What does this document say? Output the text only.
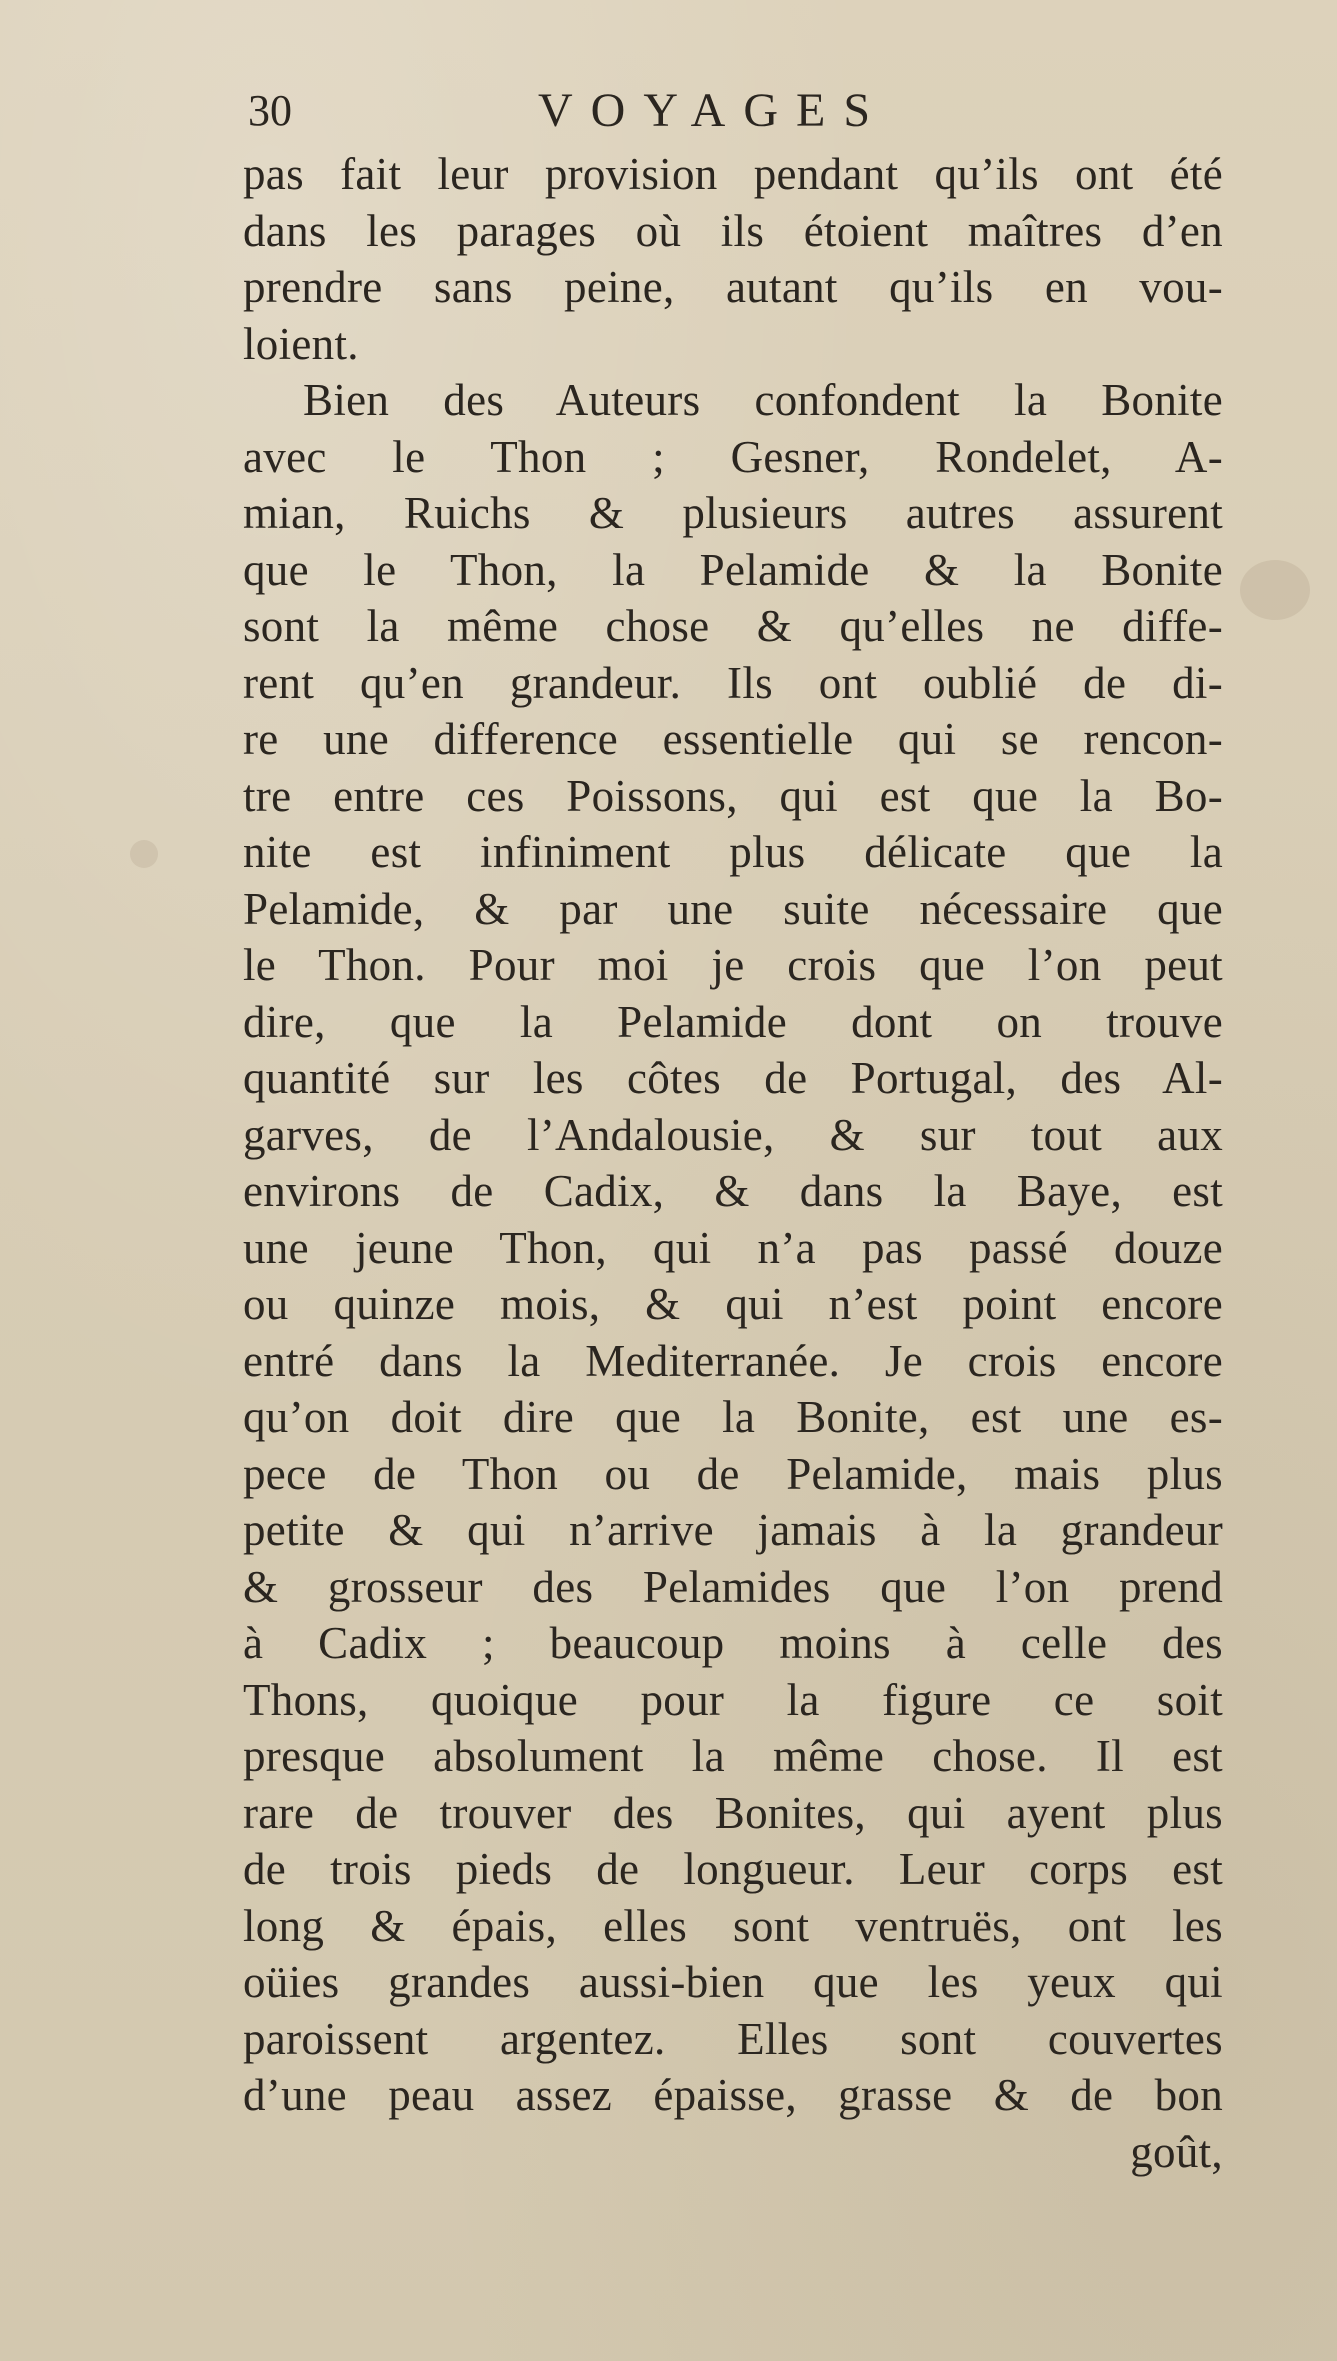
30	VOYAGES
pas fait leur provision pendant qu’ils ont été
dans les parages où ils étoient maîtres d’en
prendre sans peine, autant qu’ils en vou-
loient.
Bien des Auteurs confondent la Bonite
avec le Thon ; Gesner, Rondelet, A-
mian, Ruichs & plusieurs autres assurent
que le Thon, la Pelamide & la Bonite
sont la même chose & qu’elles ne diffe-
rent qu’en grandeur. Ils ont oublié de di-
re une difference essentielle qui se rencon-
tre entre ces Poissons, qui est que la Bo-
nite est infiniment plus délicate que la
Pelamide, & par une suite nécessaire que
le Thon. Pour moi je crois que l’on peut
dire, que la Pelamide dont on trouve
quantité sur les côtes de Portugal, des Al-
garves, de l’Andalousie, & sur tout aux
environs de Cadix, & dans la Baye, est
une jeune Thon, qui n’a pas passé douze
ou quinze mois, & qui n’est point encore
entré dans la Mediterranée. Je crois encore
qu’on doit dire que la Bonite, est une es-
pece de Thon ou de Pelamide, mais plus
petite & qui n’arrive jamais à la grandeur
& grosseur des Pelamides que l’on prend
à Cadix ; beaucoup moins à celle des
Thons, quoique pour la figure ce soit
presque absolument la même chose. Il est
rare de trouver des Bonites, qui ayent plus
de trois pieds de longueur. Leur corps est
long & épais, elles sont ventruës, ont les
oüies grandes aussi-bien que les yeux qui
paroissent argentez. Elles sont couvertes
d’une peau assez épaisse, grasse & de bon
goût,
